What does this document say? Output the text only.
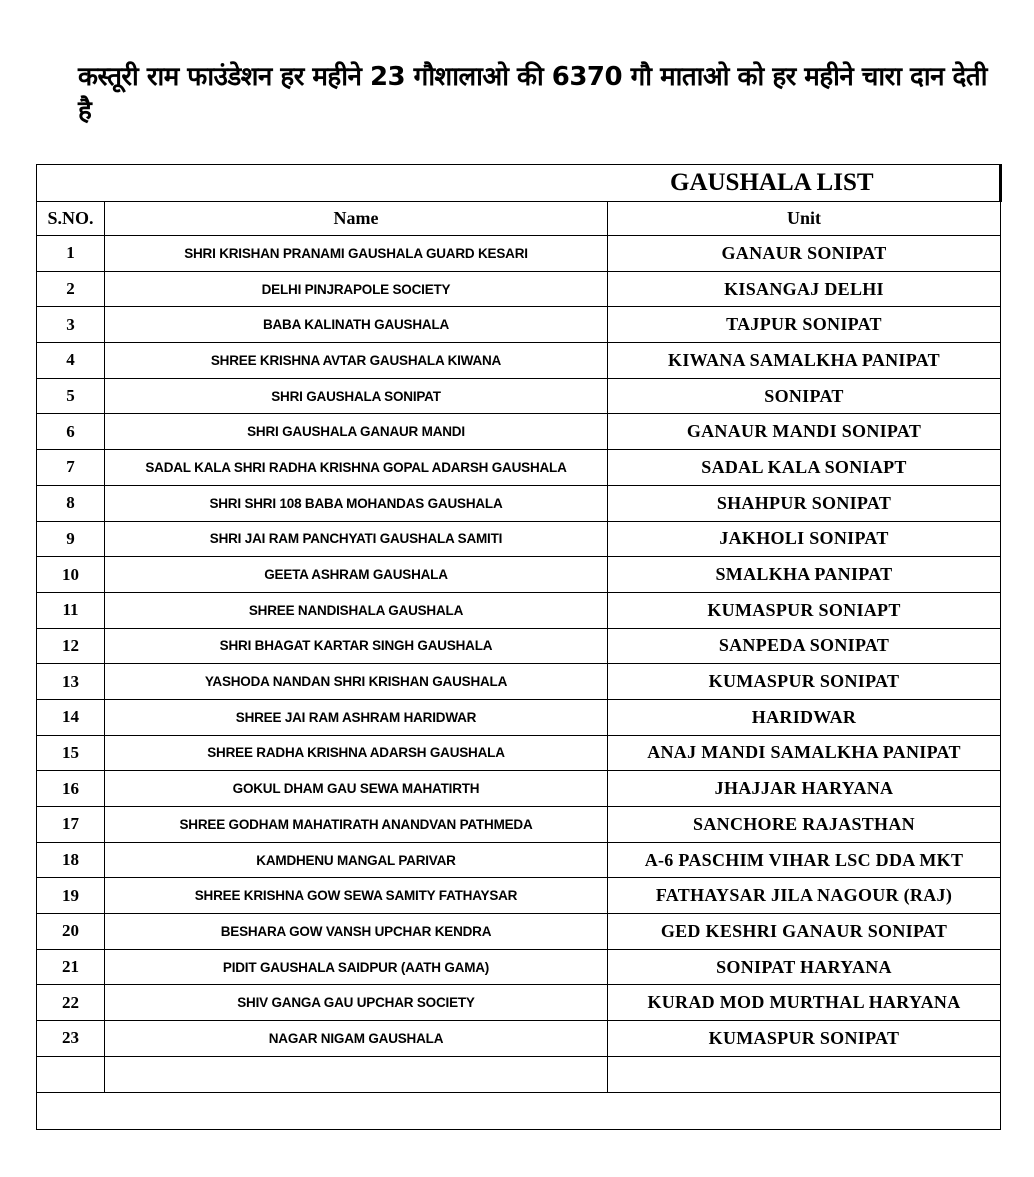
कस्तूरी राम फाउंडेशन हर महीने 23 गौशालाओ की 6370 गौ माताओ को हर महीने चारा दान देती है
GAUSHALA LIST		
S.NO.	Name	Unit
1	SHRI KRISHAN PRANAMI GAUSHALA GUARD KESARI	GANAUR SONIPAT
2	DELHI PINJRAPOLE SOCIETY	KISANGAJ DELHI
3	BABA KALINATH GAUSHALA	TAJPUR SONIPAT
4	SHREE KRISHNA AVTAR GAUSHALA KIWANA	KIWANA SAMALKHA PANIPAT
5	SHRI GAUSHALA SONIPAT	SONIPAT
6	SHRI GAUSHALA GANAUR MANDI	GANAUR MANDI SONIPAT
7	SADAL KALA SHRI RADHA KRISHNA GOPAL ADARSH GAUSHALA	SADAL KALA SONIAPT
8	SHRI SHRI 108 BABA MOHANDAS GAUSHALA	SHAHPUR SONIPAT
9	SHRI JAI RAM PANCHYATI GAUSHALA SAMITI	JAKHOLI SONIPAT
10	GEETA ASHRAM GAUSHALA	SMALKHA PANIPAT
11	SHREE NANDISHALA GAUSHALA	KUMASPUR SONIAPT
12	SHRI BHAGAT KARTAR SINGH GAUSHALA	SANPEDA SONIPAT
13	YASHODA NANDAN SHRI KRISHAN GAUSHALA	KUMASPUR SONIPAT
14	SHREE JAI RAM ASHRAM HARIDWAR	HARIDWAR
15	SHREE RADHA KRISHNA ADARSH GAUSHALA	ANAJ MANDI SAMALKHA PANIPAT
16	GOKUL DHAM GAU SEWA MAHATIRTH	JHAJJAR HARYANA
17	SHREE GODHAM MAHATIRATH ANANDVAN PATHMEDA	SANCHORE RAJASTHAN
18	KAMDHENU MANGAL PARIVAR	A-6 PASCHIM VIHAR LSC DDA MKT
19	SHREE KRISHNA GOW SEWA SAMITY FATHAYSAR	FATHAYSAR JILA NAGOUR (RAJ)
20	BESHARA GOW VANSH UPCHAR KENDRA	GED KESHRI GANAUR SONIPAT
21	PIDIT GAUSHALA SAIDPUR (AATH GAMA)	SONIPAT HARYANA
22	SHIV GANGA GAU UPCHAR SOCIETY	KURAD MOD MURTHAL HARYANA
23	NAGAR NIGAM GAUSHALA	KUMASPUR SONIPAT
